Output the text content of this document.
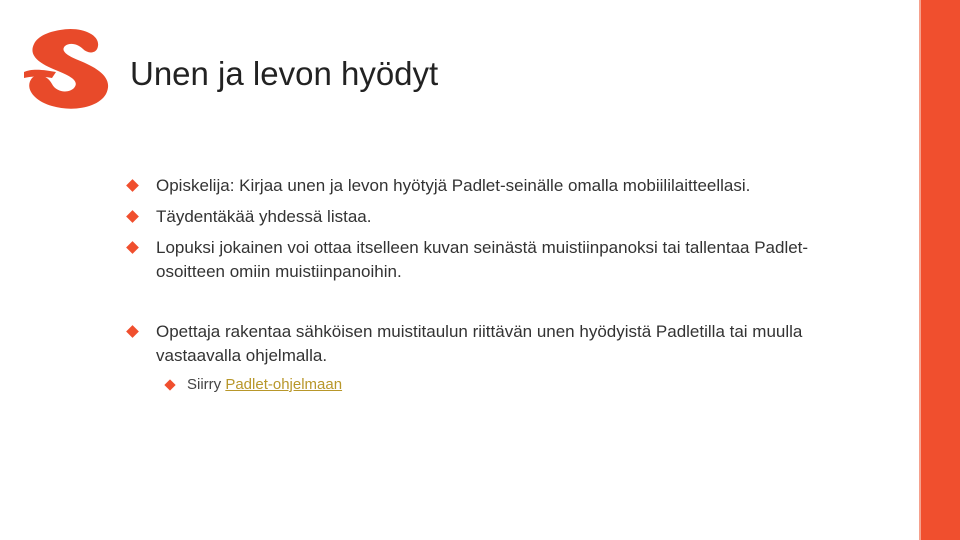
Unen ja levon hyödyt
Opiskelija: Kirjaa unen ja levon hyötyjä Padlet-seinälle omalla mobiililaitteellasi.
Täydentäkää yhdessä listaa.
Lopuksi jokainen voi ottaa itselleen kuvan seinästä muistiinpanoksi tai tallentaa Padlet-osoitteen omiin muistiinpanoihin.
Opettaja rakentaa sähköisen muistitaulun riittävän unen hyödyistä Padletilla tai muulla vastaavalla ohjelmalla.
Siirry Padlet-ohjelmaan
